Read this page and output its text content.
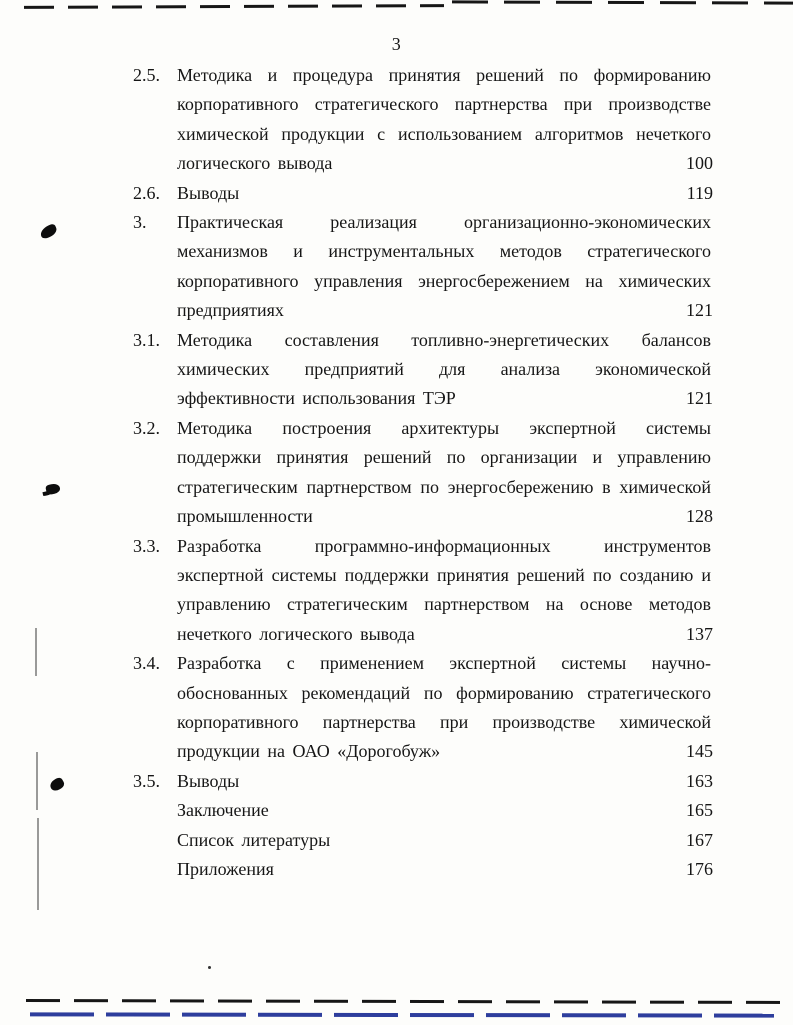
3
2.5. Методика и процедура принятия решений по формированию корпоративного стратегического партнерства при производстве химической продукции с использованием алгоритмов нечеткого логического вывода	100
2.6. Выводы	119
3. Практическая реализация организационно-экономических механизмов и инструментальных методов стратегического корпоративного управления энергосбережением на химических предприятиях	121
3.1. Методика составления топливно-энергетических балансов химических предприятий для анализа экономической эффективности использования ТЭР	121
3.2. Методика построения архитектуры экспертной системы поддержки принятия решений по организации и управлению стратегическим партнерством по энергосбережению в химической промышленности	128
3.3. Разработка программно-информационных инструментов экспертной системы поддержки принятия решений по созданию и управлению стратегическим партнерством на основе методов нечеткого логического вывода	137
3.4. Разработка с применением экспертной системы научно-обоснованных рекомендаций по формированию стратегического корпоративного партнерства при производстве химической продукции на ОАО «Дорогобуж»	145
3.5. Выводы	163
Заключение	165
Список литературы	167
Приложения	176
